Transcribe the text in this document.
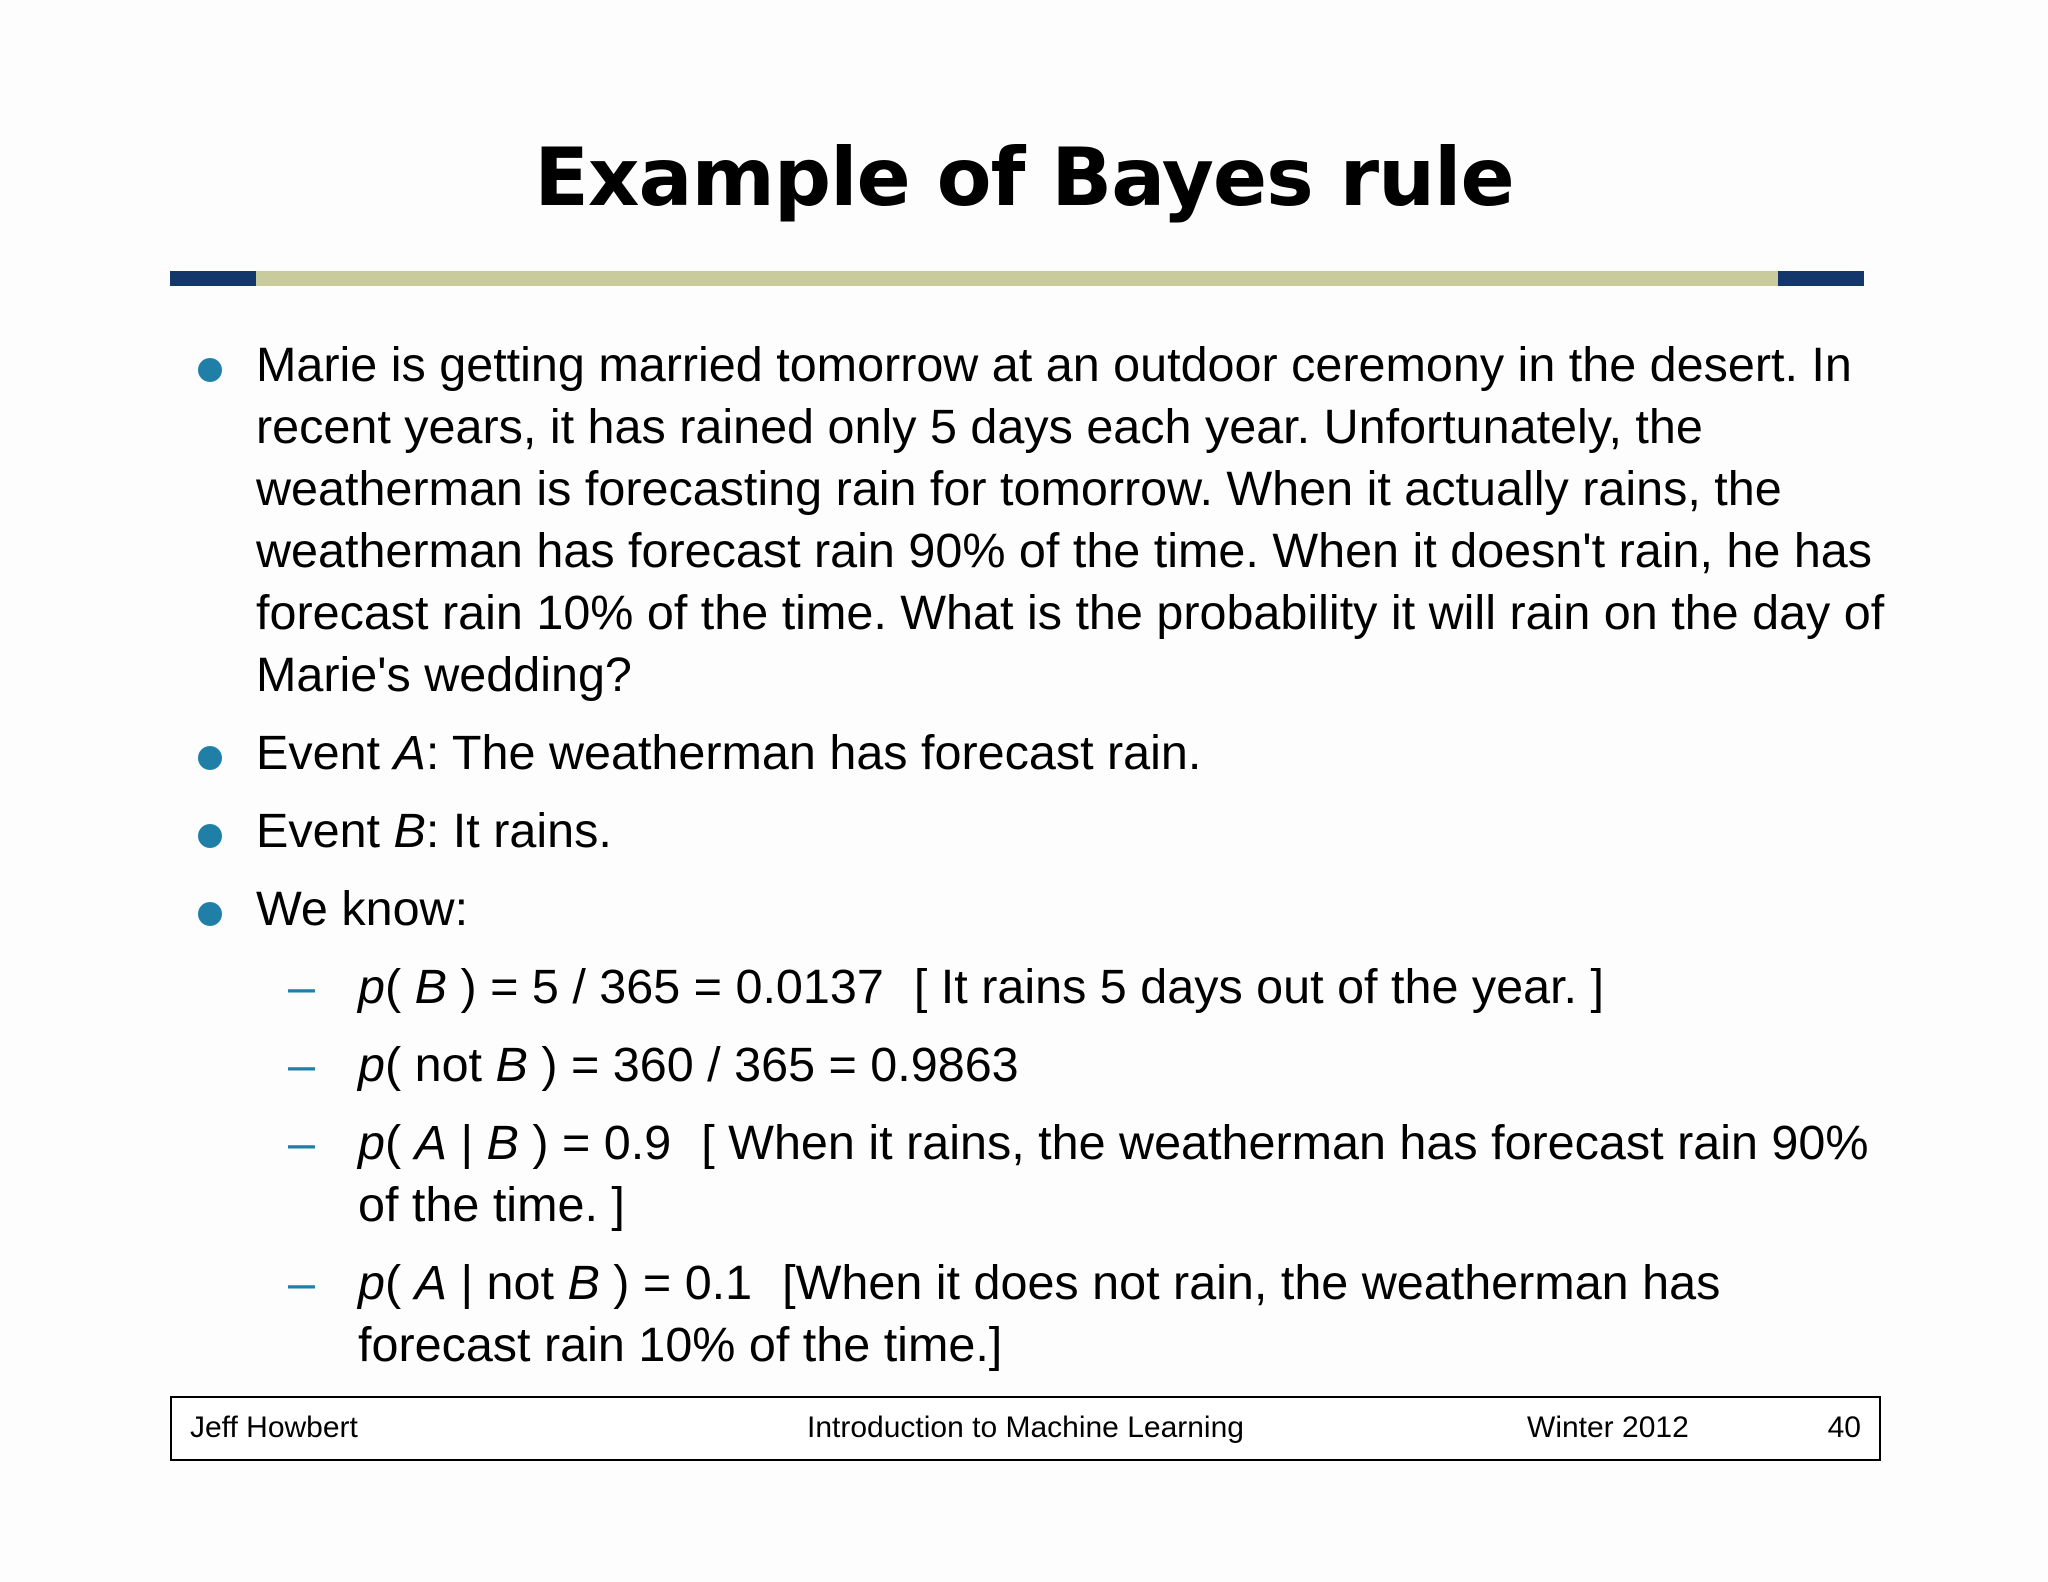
Example of Bayes rule
Marie is getting married tomorrow at an outdoor ceremony in the desert. In recent years, it has rained only 5 days each year. Unfortunately, the weatherman is forecasting rain for tomorrow. When it actually rains, the weatherman has forecast rain 90% of the time. When it doesn't rain, he has forecast rain 10% of the time. What is the probability it will rain on the day of Marie's wedding?
Event A: The weatherman has forecast rain.
Event B: It rains.
We know:
– p( B ) = 5 / 365 = 0.0137 [ It rains 5 days out of the year. ]
– p( not B ) = 360 / 365 = 0.9863
– p( A | B ) = 0.9 [ When it rains, the weatherman has forecast rain 90% of the time. ]
– p( A | not B ) = 0.1 [When it does not rain, the weatherman has forecast rain 10% of the time.]
Jeff Howbert	Introduction to Machine Learning	Winter 2012	40
